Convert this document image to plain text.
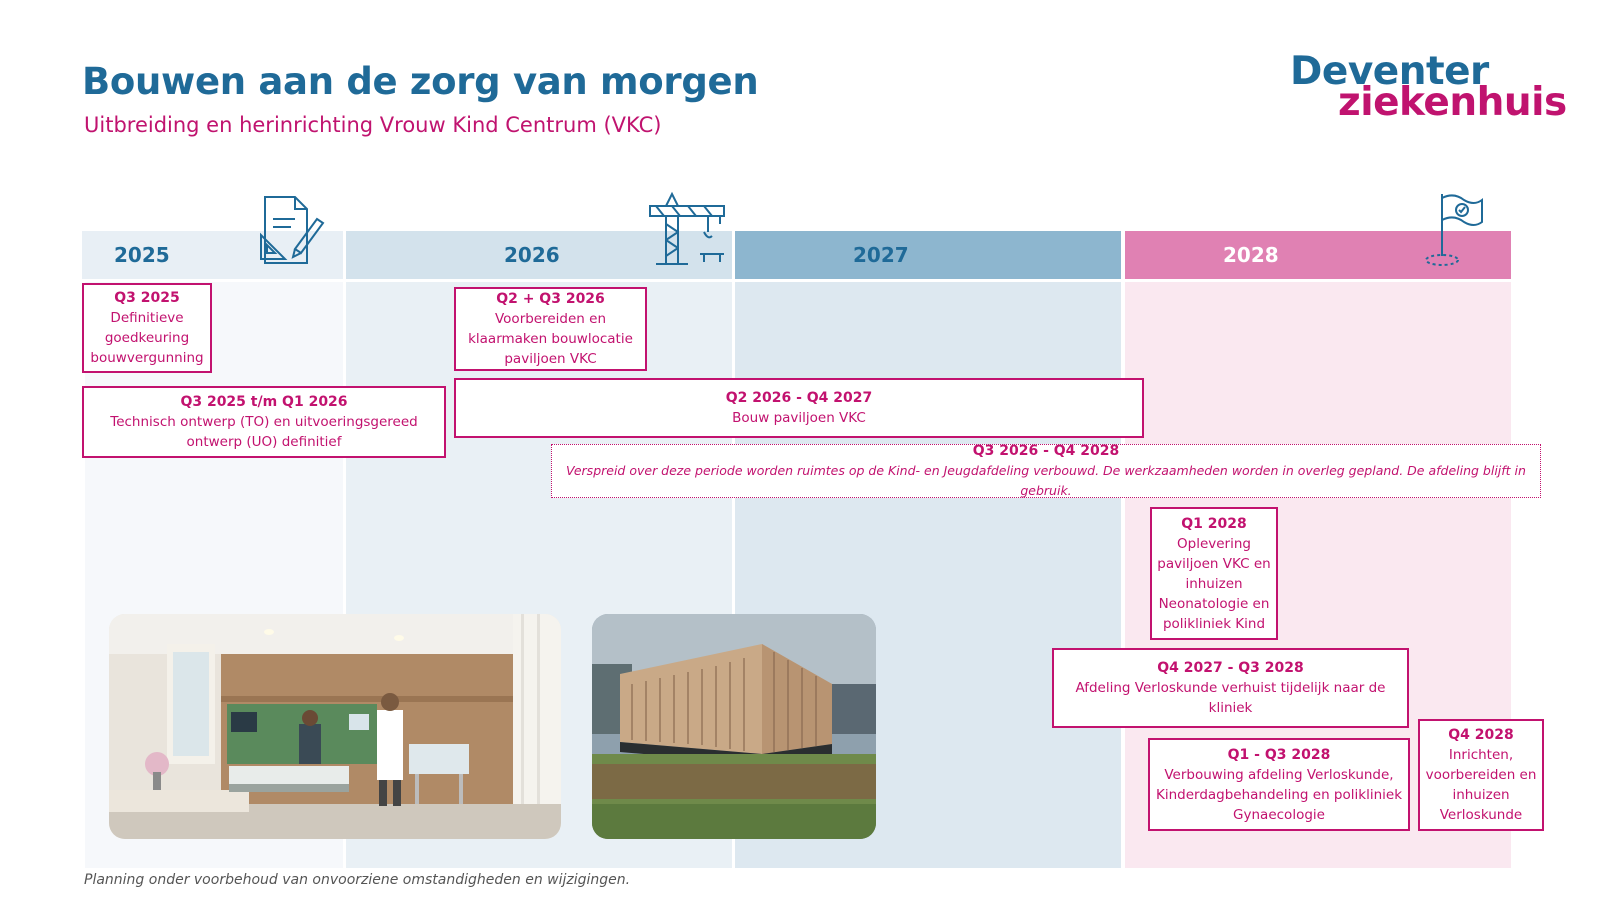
Bouwen aan de zorg van morgen
Uitbreiding en herinrichting Vrouw Kind Centrum (VKC)
Deventer
ziekenhuis
2025	2026	2027	2028
Q3 2025
Definitieve goedkeuring bouwvergunning
Q2 + Q3 2026
Voorbereiden en klaarmaken bouwlocatie paviljoen VKC
Q3 2025 t/m Q1 2026
Technisch ontwerp (TO) en uitvoeringsgereed ontwerp (UO) definitief
Q2 2026 - Q4 2027
Bouw paviljoen VKC
Q3 2026 - Q4 2028
Verspreid over deze periode worden ruimtes op de Kind- en Jeugdafdeling verbouwd. De werkzaamheden worden in overleg gepland. De afdeling blijft in gebruik.
Q1 2028
Oplevering paviljoen VKC en inhuizen Neonatologie en polikliniek Kind
Q4 2027 - Q3 2028
Afdeling Verloskunde verhuist tijdelijk naar de kliniek
Q1 - Q3 2028
Verbouwing afdeling Verloskunde, Kinderdagbehandeling en polikliniek Gynaecologie
Q4 2028
Inrichten, voorbereiden en inhuizen Verloskunde
Planning onder voorbehoud van onvoorziene omstandigheden en wijzigingen.
